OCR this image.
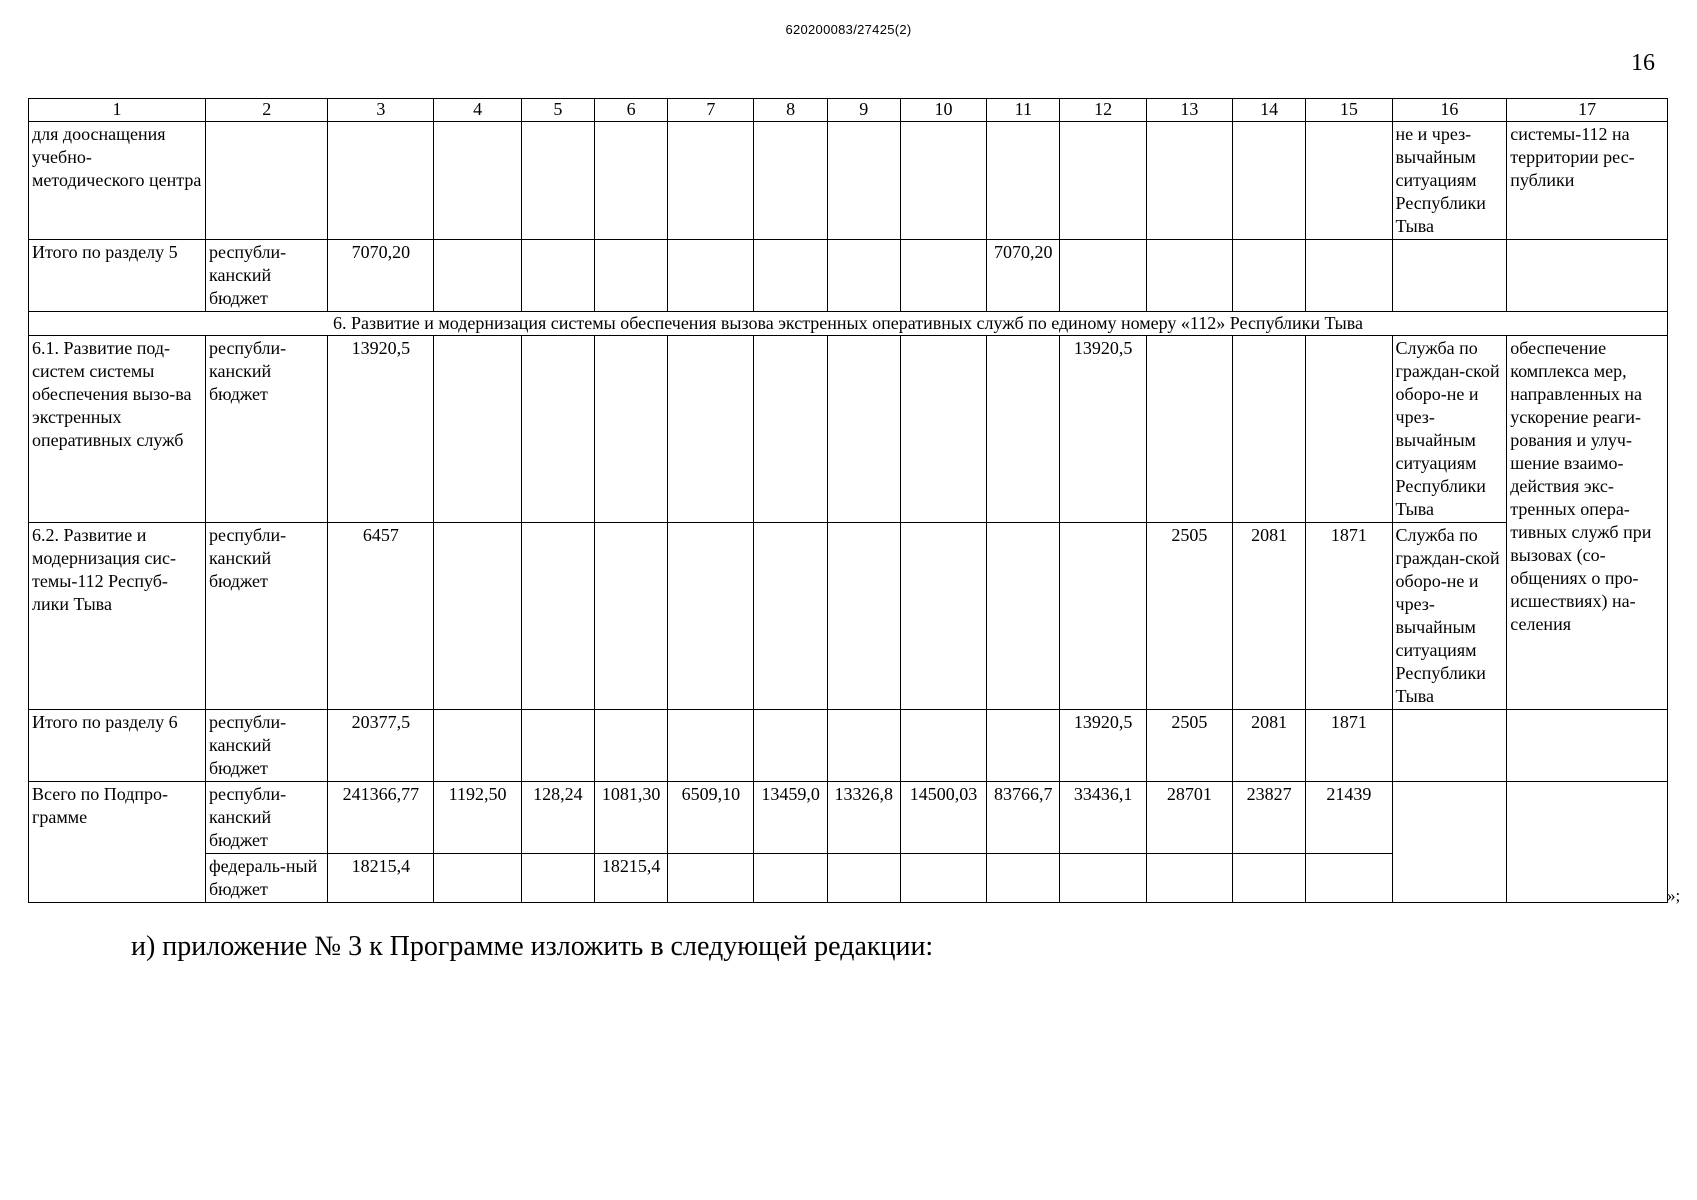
620200083/27425(2)
16
1	2	3	4	5	6	7	8	9	10	11	12	13	14	15	16	17
для дооснащения учебно-методического центра															не и чрез-вычайным ситуациям Республики Тыва	системы-112 на территории рес-публики
Итого по разделу 5	республи-канский бюджет	7070,20								7070,20						
6. Развитие и модернизация системы обеспечения вызова экстренных оперативных служб по единому номеру «112» Республики Тыва																
6.1. Развитие под-систем системы обеспечения вызо-ва экстренных оперативных служб	республи-канский бюджет	13920,5									13920,5				Служба по граждан-ской оборо-не и чрез-вычайным ситуациям Республики Тыва	обеспечение комплекса мер, направленных на ускорение реаги-рования и улуч-шение взаимо-действия экс-тренных опера-тивных служб при вызовах (со-общениях о про-исшествиях) на-селения
6.2. Развитие и модернизация сис-темы-112 Респуб-лики Тыва	республи-канский бюджет	6457										2505	2081	1871	Служба по граждан-ской оборо-не и чрез-вычайным ситуациям Республики Тыва	
Итого по разделу 6	республи-канский бюджет	20377,5									13920,5	2505	2081	1871		
Всего по Подпро-грамме	республи-канский бюджет	241366,77	1192,50	128,24	1081,30	6509,10	13459,0	13326,8	14500,03	83766,7	33436,1	28701	23827	21439		
	федераль-ный бюджет	18215,4			18215,4											
»;
и) приложение № 3 к Программе изложить в следующей редакции:
